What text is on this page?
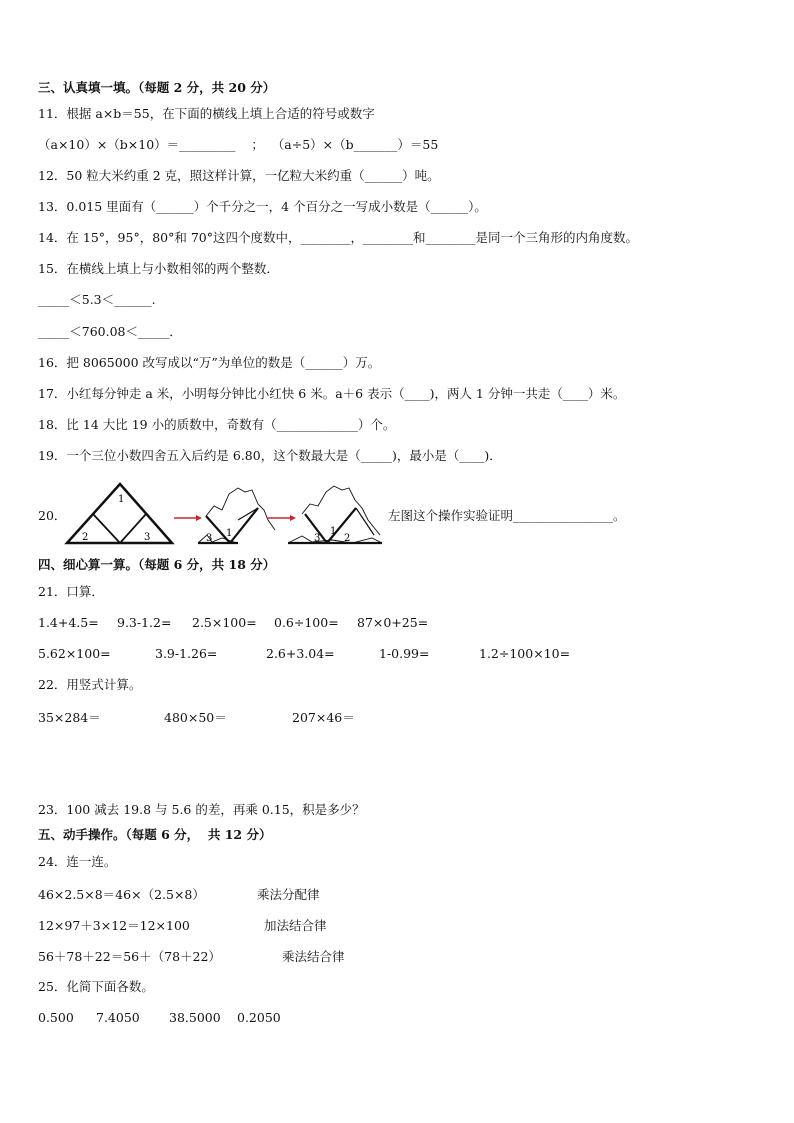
三、认真填一填。（每题 2 分，共 20 分）
11．根据 a×b＝55，在下面的横线上填上合适的符号或数字
（a×10）×（b×10）＝_________    ；  （a÷5）×（b_______）＝55
12．50 粒大米约重 2 克，照这样计算，一亿粒大米约重（______）吨。
13．0.015 里面有（______）个千分之一，4 个百分之一写成小数是（______）。
14．在 15°，95°，80°和 70°这四个度数中，________，________和________是同一个三角形的内角度数。
15．在横线上填上与小数相邻的两个整数．
_____＜5.3＜______.
_____＜760.08＜_____．
16．把 8065000 改写成以“万”为单位的数是（______）万。
17．小红每分钟走 a 米，小明每分钟比小红快 6 米。a＋6 表示（____)，两人 1 分钟一共走（____）米。
18．比 14 大比 19 小的质数中，奇数有（_____________）个。
19．一个三位小数四舍五入后约是 6.80，这个数最大是（_____)，最小是（____)．
20．
1
2	3	1
3
1
2
3
左图这个操作实验证明________________。
四、细心算一算。（每题 6 分，共 18 分）
21．口算．
1.4+4.5= 9.3-1.2= 2.5×100= 0.6÷100= 87×0+25=
5.62×100=	3.9-1.26=	2.6+3.04=	1-0.99=	1.2÷100×10=
22．用竖式计算。
35×284＝	480×50＝	207×46＝
23．100 减去 19.8 与 5.6 的差，再乘 0.15，积是多少？
五、动手操作。（每题 6 分，  共 12 分）
24．连一连。
46×2.5×8＝46×（2.5×8）	乘法分配律
12×97＋3×12＝12×100	加法结合律
56＋78＋22＝56＋（78＋22）	乘法结合律
25．化简下面各数。
0.500 7.4050 38.5000 0.2050
